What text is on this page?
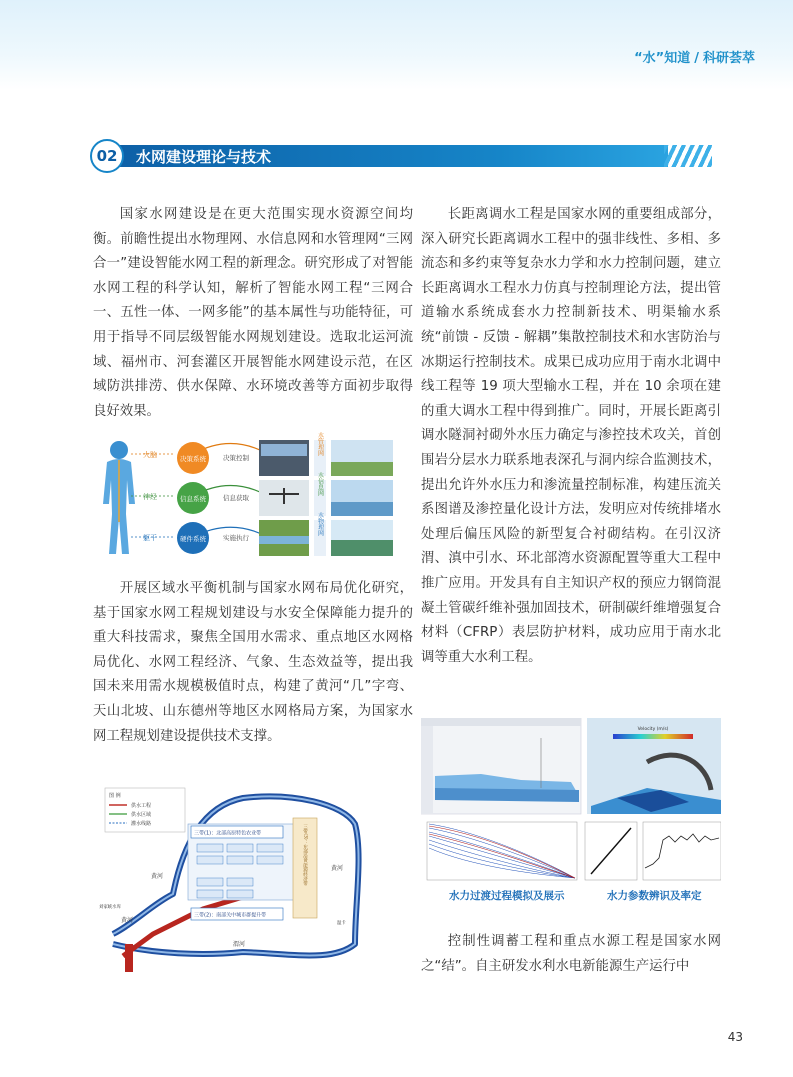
“水”知道 / 科研荟萃
02	水网建设理论与技术

国家水网建设是在更大范围实现水资源空间均衡。前瞻性提出水物理网、水信息网和水管理网“三网合一”建设智能水网工程的新理念。研究形成了对智能水网工程的科学认知，解析了智能水网工程“三网合一、五性一体、一网多能”的基本属性与功能特征，可用于指导不同层级智能水网规划建设。选取北运河流域、福州市、河套灌区开展智能水网建设示范，在区域防洪排涝、供水保障、水环境改善等方面初步取得良好效果。

大脑
神经
躯干
决策系统
信息系统
硬件系统
决策控制
信息获取
实施执行
水管理网
水信息网
水物理网

开展区域水平衡机制与国家水网布局优化研究，基于国家水网工程规划建设与水安全保障能力提升的重大科技需求，聚焦全国用水需求、重点地区水网格局优化、水网工程经济、气象、生态效益等，提出我国未来用需水规模极值时点，构建了黄河“几”字弯、天山北坡、山东德州等地区水网格局方案，为国家水网工程规划建设提供技术支撑。

图 例
供水工程
供水区域
灌水线路
三带(1)：北部高原特色农业带
三带(2)：南部关中城市群提升带
三带(3)：东部沿黄能源经济带	黄河
黄河
渭河
黄河
刘家峡水库
温卡

长距离调水工程是国家水网的重要组成部分，深入研究长距离调水工程中的强非线性、多相、多流态和多约束等复杂水力学和水力控制问题，建立长距离调水工程水力仿真与控制理论方法，提出管道输水系统成套水力控制新技术、明渠输水系统“前馈 - 反馈 - 解耦”集散控制技术和水害防治与冰期运行控制技术。成果已成功应用于南水北调中线工程等 19 项大型输水工程，并在 10 余项在建的重大调水工程中得到推广。同时，开展长距离引调水隧洞衬砌外水压力确定与渗控技术攻关，首创围岩分层水力联系地表深孔与洞内综合监测技术，提出允许外水压力和渗流量控制标准，构建压流关系图谱及渗控量化设计方法，发明应对传统排堵水处理后偏压风险的新型复合衬砌结构。在引汉济渭、滇中引水、环北部湾水资源配置等重大工程中推广应用。开发具有自主知识产权的预应力钢筒混凝土管碳纤维补强加固技术，研制碳纤维增强复合材料（CFRP）表层防护材料，成功应用于南水北调等重大水利工程。

Velocity (m/s)
水力过渡过程模拟及展示	水力参数辨识及率定

控制性调蓄工程和重点水源工程是国家水网之“结”。自主研发水利水电新能源生产运行中

43
